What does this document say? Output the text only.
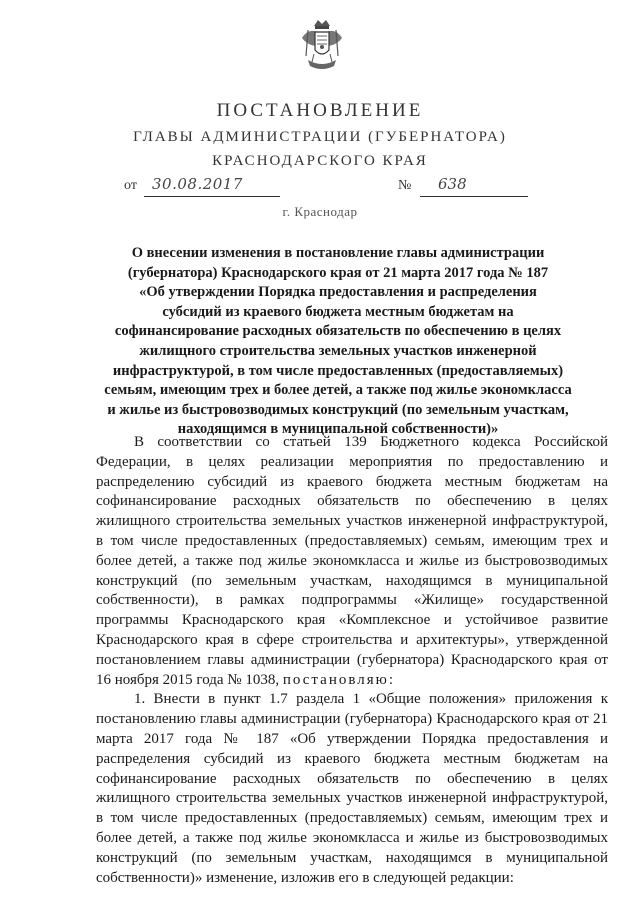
ПОСТАНОВЛЕНИЕ
ГЛАВЫ АДМИНИСТРАЦИИ (ГУБЕРНАТОРА)
КРАСНОДАРСКОГО КРАЯ
от 30.08.2017	№ 638
г. Краснодар
О внесении изменения в постановление главы администрации
(губернатора) Краснодарского края от 21 марта 2017 года № 187
«Об утверждении Порядка предоставления и распределения
субсидий из краевого бюджета местным бюджетам на
софинансирование расходных обязательств по обеспечению в целях
жилищного строительства земельных участков инженерной
инфраструктурой, в том числе предоставленных (предоставляемых)
семьям, имеющим трех и более детей, а также под жилье экономкласса
и жилье из быстровозводимых конструкций (по земельным участкам,
находящимся в муниципальной собственности)»

В соответствии со статьей 139 Бюджетного кодекса Российской Федерации, в целях реализации мероприятия по предоставлению и распределению субсидий из краевого бюджета местным бюджетам на софинансирование расходных обязательств по обеспечению в целях жилищного строительства земельных участков инженерной инфраструктурой, в том числе предоставленных (предоставляемых) семьям, имеющим трех и более детей, а также под жилье экономкласса и жилье из быстровозводимых конструкций (по земельным участкам, находящимся в муниципальной собственности), в рамках подпрограммы «Жилище» государственной программы Краснодарского края «Комплексное и устойчивое развитие Краснодарского края в сфере строительства и архитектуры», утвержденной постановлением главы администрации (губернатора) Краснодарского края от 16 ноября 2015 года № 1038, постановляю:

1. Внести в пункт 1.7 раздела 1 «Общие положения» приложения к постановлению главы администрации (губернатора) Краснодарского края от 21 марта 2017 года № 187 «Об утверждении Порядка предоставления и распределения субсидий из краевого бюджета местным бюджетам на софинансирование расходных обязательств по обеспечению в целях жилищного строительства земельных участков инженерной инфраструктурой, в том числе предоставленных (предоставляемых) семьям, имеющим трех и более детей, а также под жилье экономкласса и жилье из быстровозводимых конструкций (по земельным участкам, находящимся в муниципальной собственности)» изменение, изложив его в следующей редакции:
